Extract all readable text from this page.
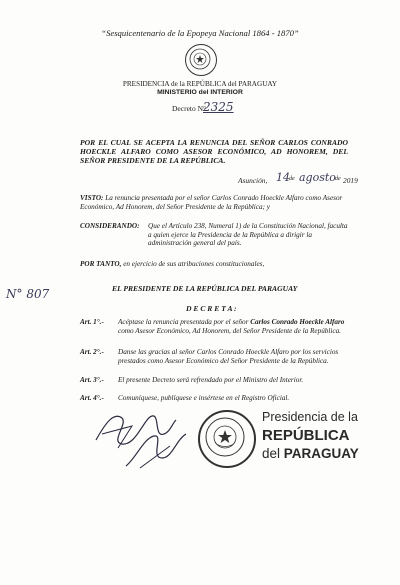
“Sesquicentenario de la Epopeya Nacional 1864 - 1870”
PRESIDENCIA de la REPÚBLICA del PARAGUAY
MINISTERIO del INTERIOR
Decreto N°
2325
POR EL CUAL SE ACEPTA LA RENUNCIA DEL SEÑOR CARLOS CONRADO HOECKLE ALFARO COMO ASESOR ECONÓMICO, AD HONOREM, DEL SEÑOR PRESIDENTE DE LA REPÚBLICA.
Asunción, 14 de agosto de 2019
VISTO: La renuncia presentada por el señor Carlos Conrado Hoeckle Alfaro como Asesor Económico, Ad Honorem, del Señor Presidente de la República; y
CONSIDERANDO: Que el Artículo 238, Numeral 1) de la Constitución Nacional, faculta a quien ejerce la Presidencia de la República a dirigir la administración general del país.
POR TANTO, en ejercicio de sus atribuciones constitucionales,
N° 807	EL PRESIDENTE DE LA REPÚBLICA DEL PARAGUAY
D E C R E T A :
Art. 1°.- Acéptase la renuncia presentada por el señor Carlos Conrado Hoeckle Alfaro como Asesor Económico, Ad Honorem, del Señor Presidente de la República.
Art. 2°.- Danse las gracias al señor Carlos Conrado Hoeckle Alfaro por los servicios prestados como Asesor Económico del Señor Presidente de la República.
Art. 3°.- El presente Decreto será refrendado por el Ministro del Interior.
Art. 4°.- Comuníquese, publíquese e insértese en el Registro Oficial.
Presidencia de la
REPÚBLICA
del PARAGUAY
